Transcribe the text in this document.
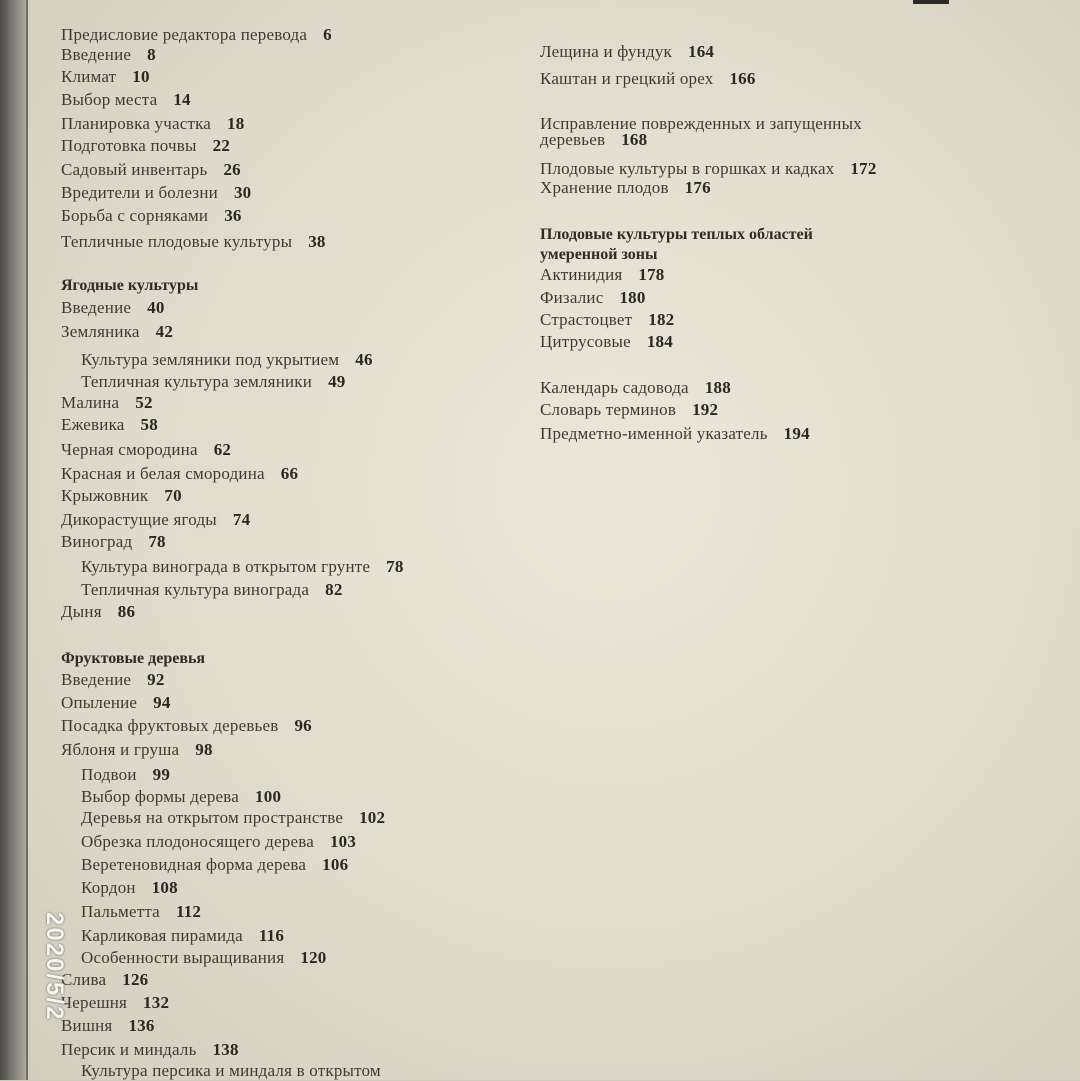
Предисловие редактора перевода 6
Введение 8
Климат 10
Выбор места 14
Планировка участка 18
Подготовка почвы 22
Садовый инвентарь 26
Вредители и болезни 30
Борьба с сорняками 36
Тепличные плодовые культуры 38
Ягодные культуры
Введение 40
Земляника 42
Культура земляники под укрытием 46
Тепличная культура земляники 49
Малина 52
Ежевика 58
Черная смородина 62
Красная и белая смородина 66
Крыжовник 70
Дикорастущие ягоды 74
Виноград 78
Культура винограда в открытом грунте 78
Тепличная культура винограда 82
Дыня 86
Фруктовые деревья
Введение 92
Опыление 94
Посадка фруктовых деревьев 96
Яблоня и груша 98
Подвои 99
Выбор формы дерева 100
Деревья на открытом пространстве 102
Обрезка плодоносящего дерева 103
Веретеновидная форма дерева 106
Кордон 108
Пальметта 112
Карликовая пирамида 116
Особенности выращивания 120
Слива 126
Черешня 132
Вишня 136
Персик и миндаль 138
Культура персика и миндаля в открытом
Лещина и фундук 164
Каштан и грецкий орех 166
Исправление поврежденных и запущенных
деревьев 168
Плодовые культуры в горшках и кадках 172
Хранение плодов 176
Плодовые культуры теплых областей
умеренной зоны
Актинидия 178
Физалис 180
Страстоцвет 182
Цитрусовые 184
Календарь садовода 188
Словарь терминов 192
Предметно-именной указатель 194
2020/5/2
